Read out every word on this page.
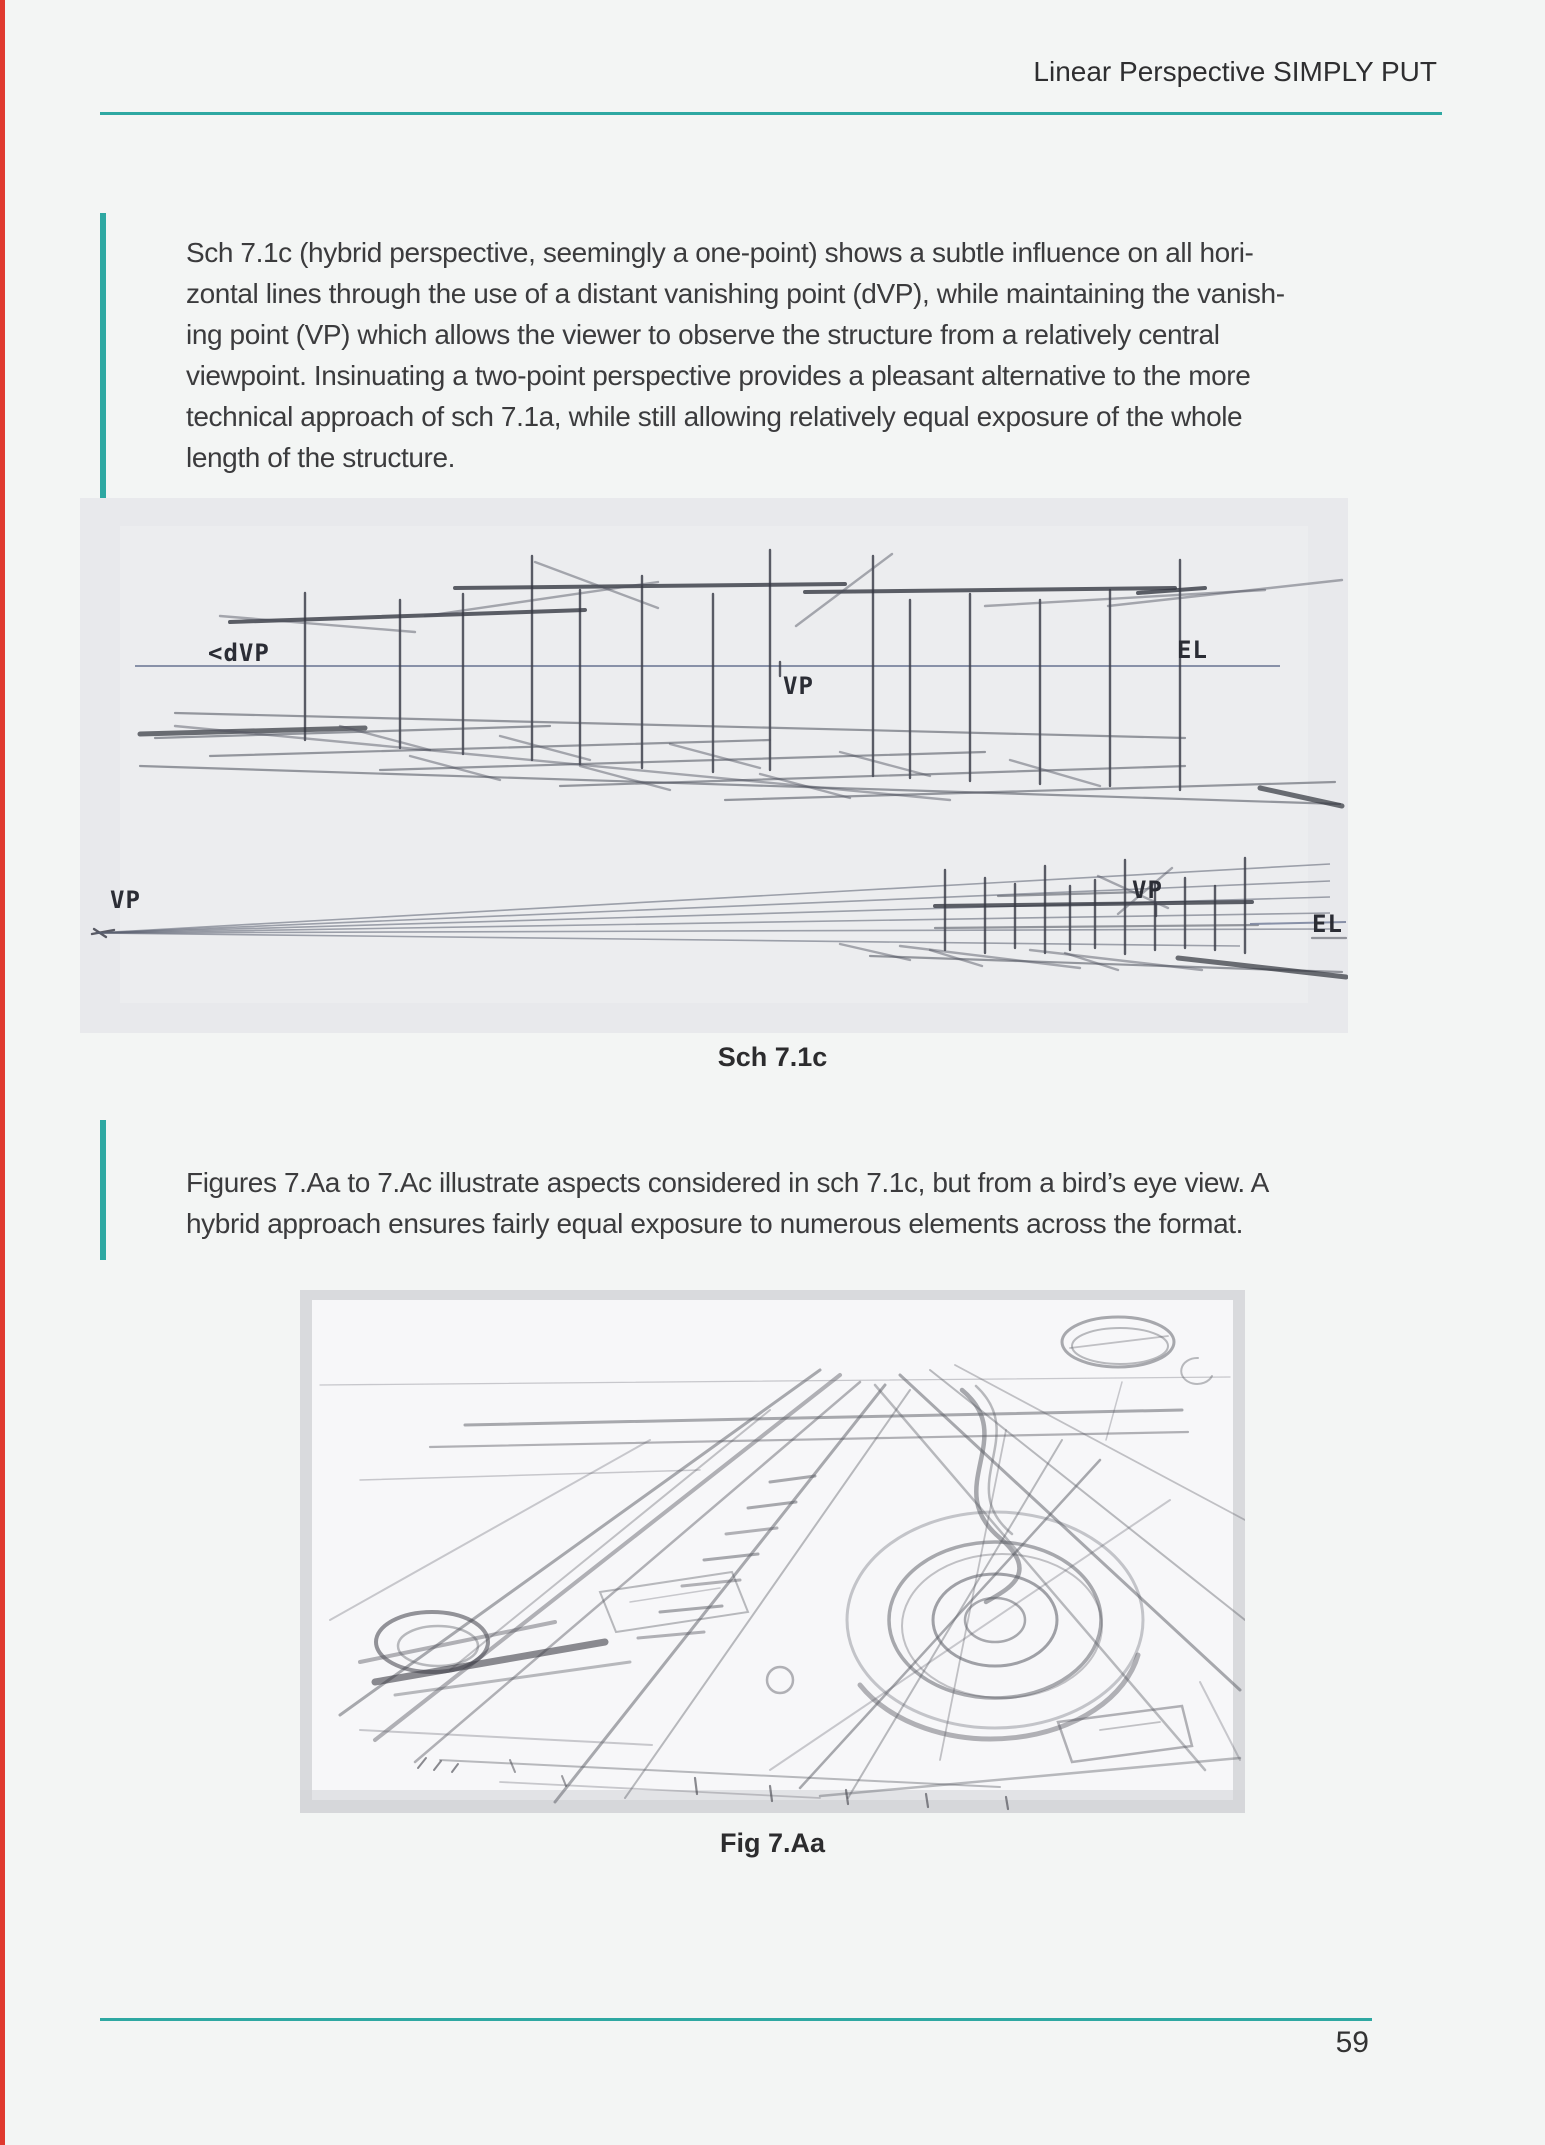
Linear Perspective SIMPLY PUT
Sch 7.1c (hybrid perspective, seemingly a one-point) shows a subtle influence on all hori-
zontal lines through the use of a distant vanishing point (dVP), while maintaining the vanish-
ing point (VP) which allows the viewer to observe the structure from a relatively central
viewpoint. Insinuating a two-point perspective provides a pleasant alternative to the more
technical approach of sch 7.1a, while still allowing relatively equal exposure of the whole
length of the structure.
<dVP	EL
VP
VP	VP
EL
Sch 7.1c
Figures 7.Aa to 7.Ac illustrate aspects considered in sch 7.1c, but from a bird’s eye view. A
hybrid approach ensures fairly equal exposure to numerous elements across the format.
Fig 7.Aa
59
